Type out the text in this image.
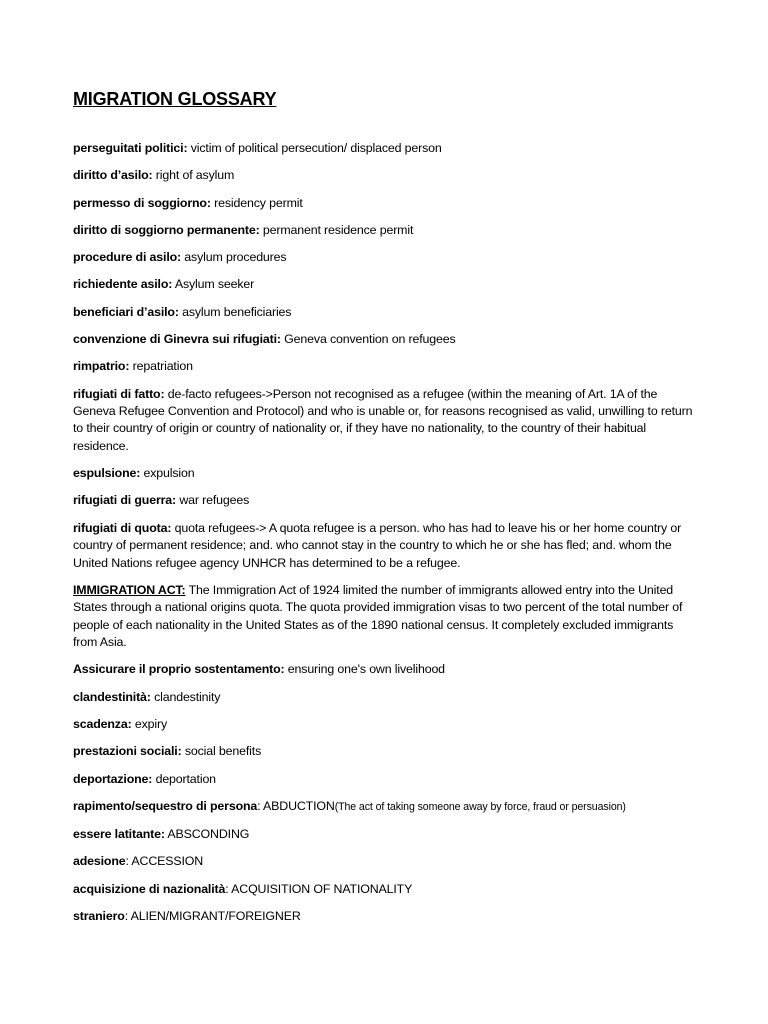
MIGRATION GLOSSARY

perseguitati politici: victim of political persecution/ displaced person

diritto d’asilo: right of asylum

permesso di soggiorno: residency permit

diritto di soggiorno permanente: permanent residence permit

procedure di asilo: asylum procedures

richiedente asilo: Asylum seeker

beneficiari d’asilo: asylum beneficiaries

convenzione di Ginevra sui rifugiati: Geneva convention on refugees

rimpatrio: repatriation

rifugiati di fatto: de-facto refugees->Person not recognised as a refugee (within the meaning of Art. 1A of the Geneva Refugee Convention and Protocol) and who is unable or, for reasons recognised as valid, unwilling to return to their country of origin or country of nationality or, if they have no nationality, to the country of their habitual residence.

espulsione: expulsion

rifugiati di guerra: war refugees

rifugiati di quota: quota refugees-> A quota refugee is a person. who has had to leave his or her home country or country of permanent residence; and. who cannot stay in the country to which he or she has fled; and. whom the United Nations refugee agency UNHCR has determined to be a refugee.

IMMIGRATION ACT: The Immigration Act of 1924 limited the number of immigrants allowed entry into the United States through a national origins quota. The quota provided immigration visas to two percent of the total number of people of each nationality in the United States as of the 1890 national census. It completely excluded immigrants from Asia.

Assicurare il proprio sostentamento: ensuring one's own livelihood

clandestinità: clandestinity

scadenza: expiry

prestazioni sociali: social benefits

deportazione: deportation

rapimento/sequestro di persona: ABDUCTION(The act of taking someone away by force, fraud or persuasion)

essere latitante: ABSCONDING

adesione: ACCESSION

acquisizione di nazionalità: ACQUISITION OF NATIONALITY

straniero: ALIEN/MIGRANT/FOREIGNER
